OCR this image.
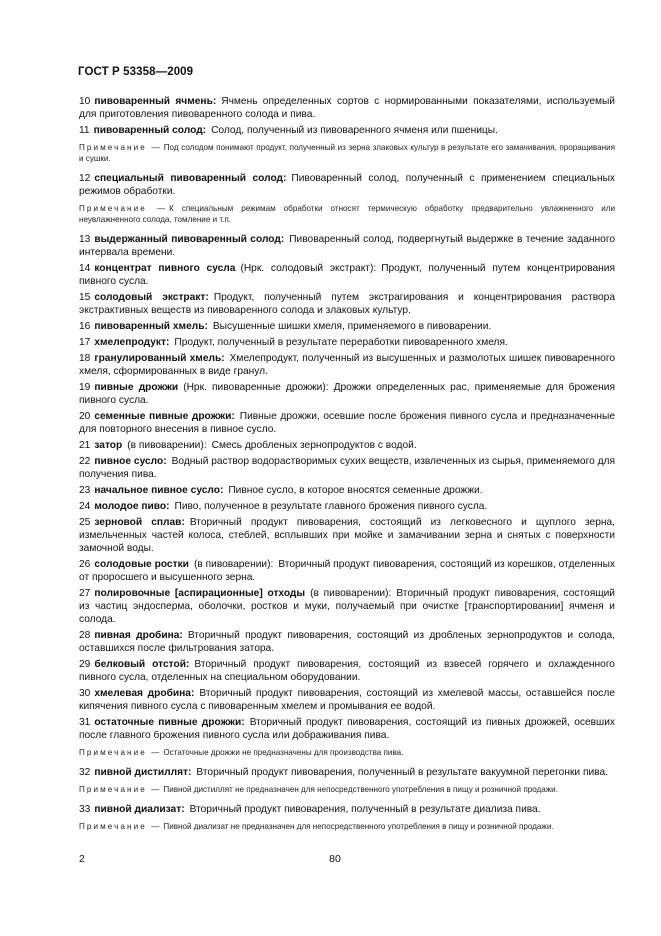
ГОСТ Р 53358—2009

10 пивоваренный ячмень: Ячмень определенных сортов с нормированными показателями, используемый для приготовления пивоваренного солода и пива.

11 пивоваренный солод: Солод, полученный из пивоваренного ячменя или пшеницы.

Примечание — Под солодом понимают продукт, полученный из зерна злаковых культур в результате его замачивания, проращивания и сушки.

12 специальный пивоваренный солод: Пивоваренный солод, полученный с применением специальных режимов обработки.

Примечание — К специальным режимам обработки относят термическую обработку предварительно увлажненного или неувлажненного солода, томление и т.п.

13 выдержанный пивоваренный солод: Пивоваренный солод, подвергнутый выдержке в течение заданного интервала времени.

14 концентрат пивного сусла (Нрк. солодовый экстракт): Продукт, полученный путем концентрирования пивного сусла.

15 солодовый экстракт: Продукт, полученный путем экстрагирования и концентрирования раствора экстрактивных веществ из пивоваренного солода и злаковых культур.

16 пивоваренный хмель: Высушенные шишки хмеля, применяемого в пивоварении.

17 хмелепродукт: Продукт, полученный в результате переработки пивоваренного хмеля.

18 гранулированный хмель: Хмелепродукт, полученный из высушенных и размолотых шишек пивоваренного хмеля, сформированных в виде гранул.

19 пивные дрожжи (Нрк. пивоваренные дрожжи): Дрожжи определенных рас, применяемые для брожения пивного сусла.

20 семенные пивные дрожжи: Пивные дрожжи, осевшие после брожения пивного сусла и предназначенные для повторного внесения в пивное сусло.

21 затор (в пивоварении): Смесь дробленых зернопродуктов с водой.

22 пивное сусло: Водный раствор водорастворимых сухих веществ, извлеченных из сырья, применяемого для получения пива.

23 начальное пивное сусло: Пивное сусло, в которое вносятся семенные дрожжи.

24 молодое пиво: Пиво, полученное в результате главного брожения пивного сусла.

25 зерновой сплав: Вторичный продукт пивоварения, состоящий из легковесного и щуплого зерна, измельченных частей колоса, стеблей, всплывших при мойке и замачивании зерна и снятых с поверхности замочной воды.

26 солодовые ростки (в пивоварении): Вторичный продукт пивоварения, состоящий из корешков, отделенных от проросшего и высушенного зерна.

27 полировочные [аспирационные] отходы (в пивоварении): Вторичный продукт пивоварения, состоящий из частиц эндосперма, оболочки, ростков и муки, получаемый при очистке [транспортировании] ячменя и солода.

28 пивная дробина: Вторичный продукт пивоварения, состоящий из дробленых зернопродуктов и солода, оставшихся после фильтрования затора.

29 белковый отстой: Вторичный продукт пивоварения, состоящий из взвесей горячего и охлажденного пивного сусла, отделенных на специальном оборудовании.

30 хмелевая дробина: Вторичный продукт пивоварения, состоящий из хмелевой массы, оставшейся после кипячения пивного сусла с пивоваренным хмелем и промывания ее водой.

31 остаточные пивные дрожжи: Вторичный продукт пивоварения, состоящий из пивных дрожжей, осевших после главного брожения пивного сусла или дображивания пива.

Примечание — Остаточные дрожжи не предназначены для производства пива.

32 пивной дистиллят: Вторичный продукт пивоварения, полученный в результате вакуумной перегонки пива.

Примечание — Пивной дистиллят не предназначен для непосредственного употребления в пищу и розничной продажи.

33 пивной диализат: Вторичный продукт пивоварения, полученный в результате диализа пива.

Примечание — Пивной диализат не предназначен для непосредственного употребления в пищу и розничной продажи.

2	80
